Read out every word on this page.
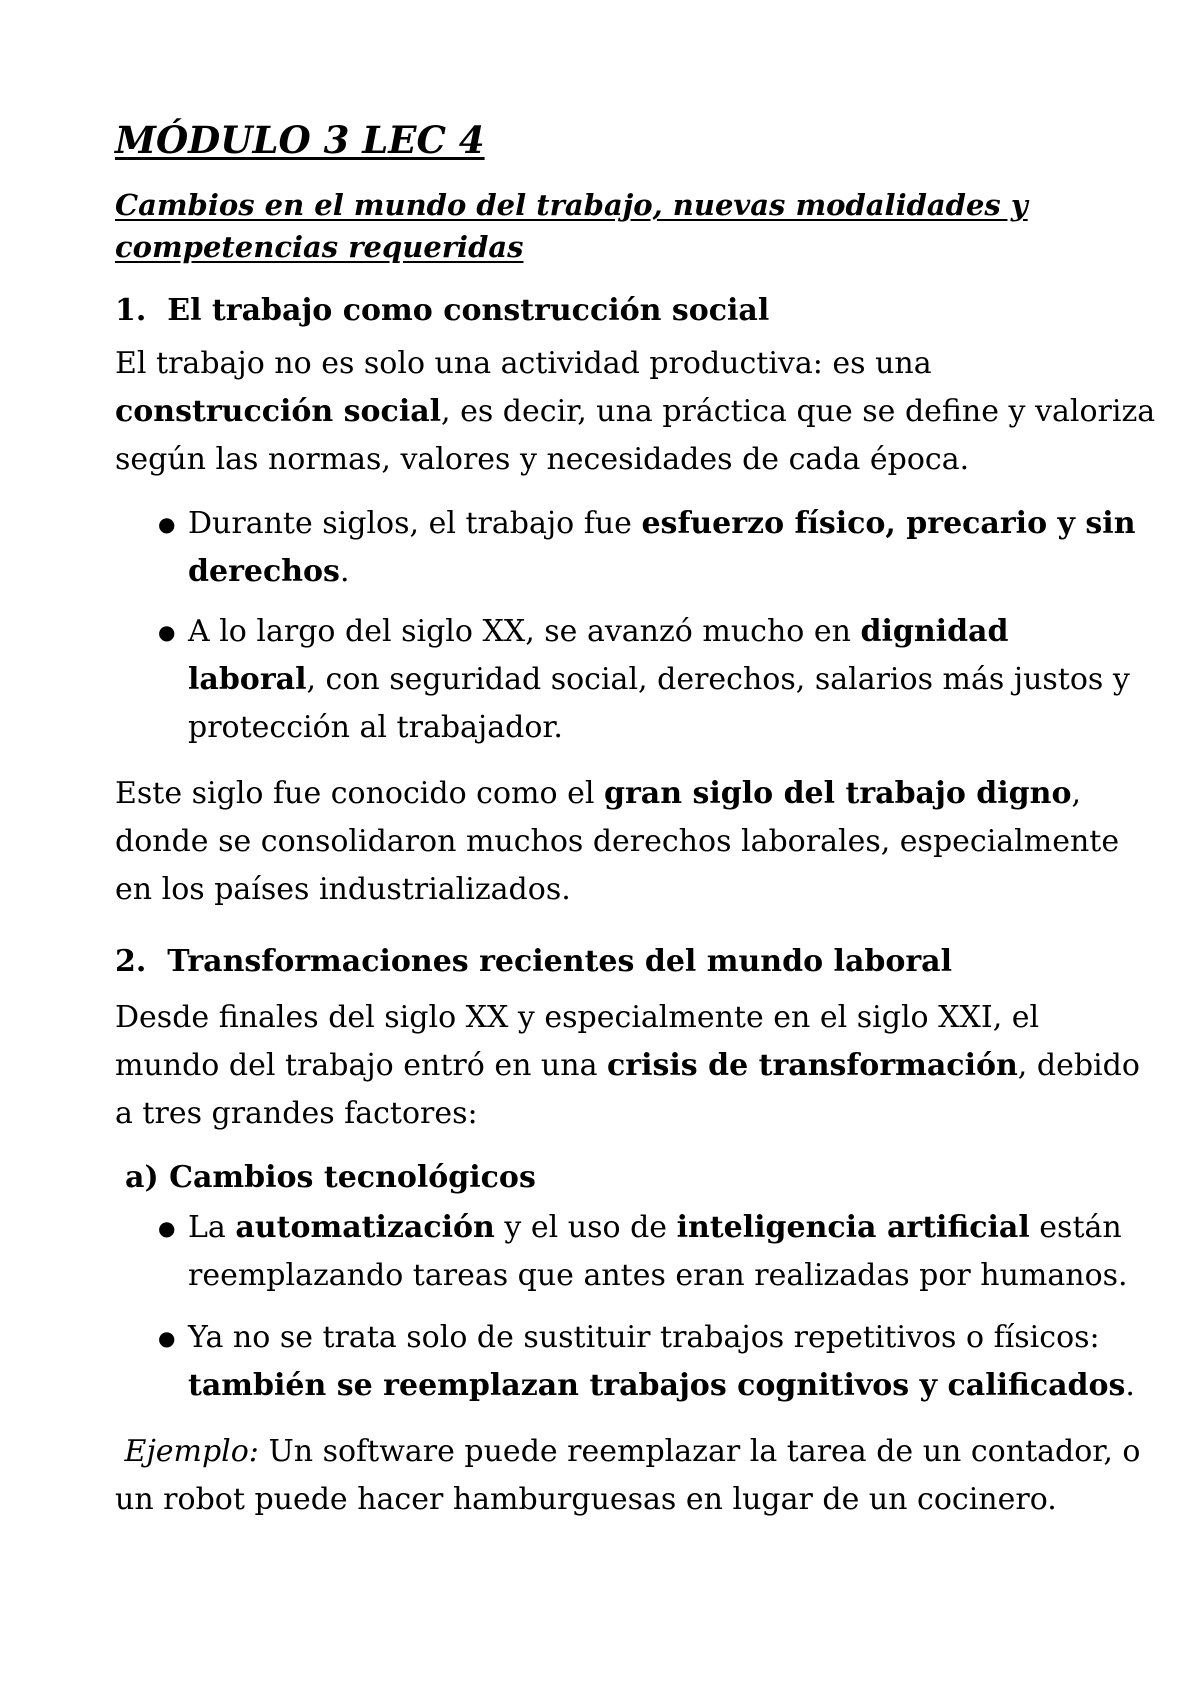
MÓDULO 3 LEC 4
Cambios en el mundo del trabajo, nuevas modalidades y
competencias requeridas
1. El trabajo como construcción social
El trabajo no es solo una actividad productiva: es una
construcción social, es decir, una práctica que se define y valoriza
según las normas, valores y necesidades de cada época.
● Durante siglos, el trabajo fue esfuerzo físico, precario y sin
derechos.
● A lo largo del siglo XX, se avanzó mucho en dignidad
laboral, con seguridad social, derechos, salarios más justos y
protección al trabajador.
Este siglo fue conocido como el gran siglo del trabajo digno,
donde se consolidaron muchos derechos laborales, especialmente
en los países industrializados.
2. Transformaciones recientes del mundo laboral
Desde finales del siglo XX y especialmente en el siglo XXI, el
mundo del trabajo entró en una crisis de transformación, debido
a tres grandes factores:
a) Cambios tecnológicos
● La automatización y el uso de inteligencia artificial están
reemplazando tareas que antes eran realizadas por humanos.
● Ya no se trata solo de sustituir trabajos repetitivos o físicos:
también se reemplazan trabajos cognitivos y calificados.
Ejemplo: Un software puede reemplazar la tarea de un contador, o
un robot puede hacer hamburguesas en lugar de un cocinero.
